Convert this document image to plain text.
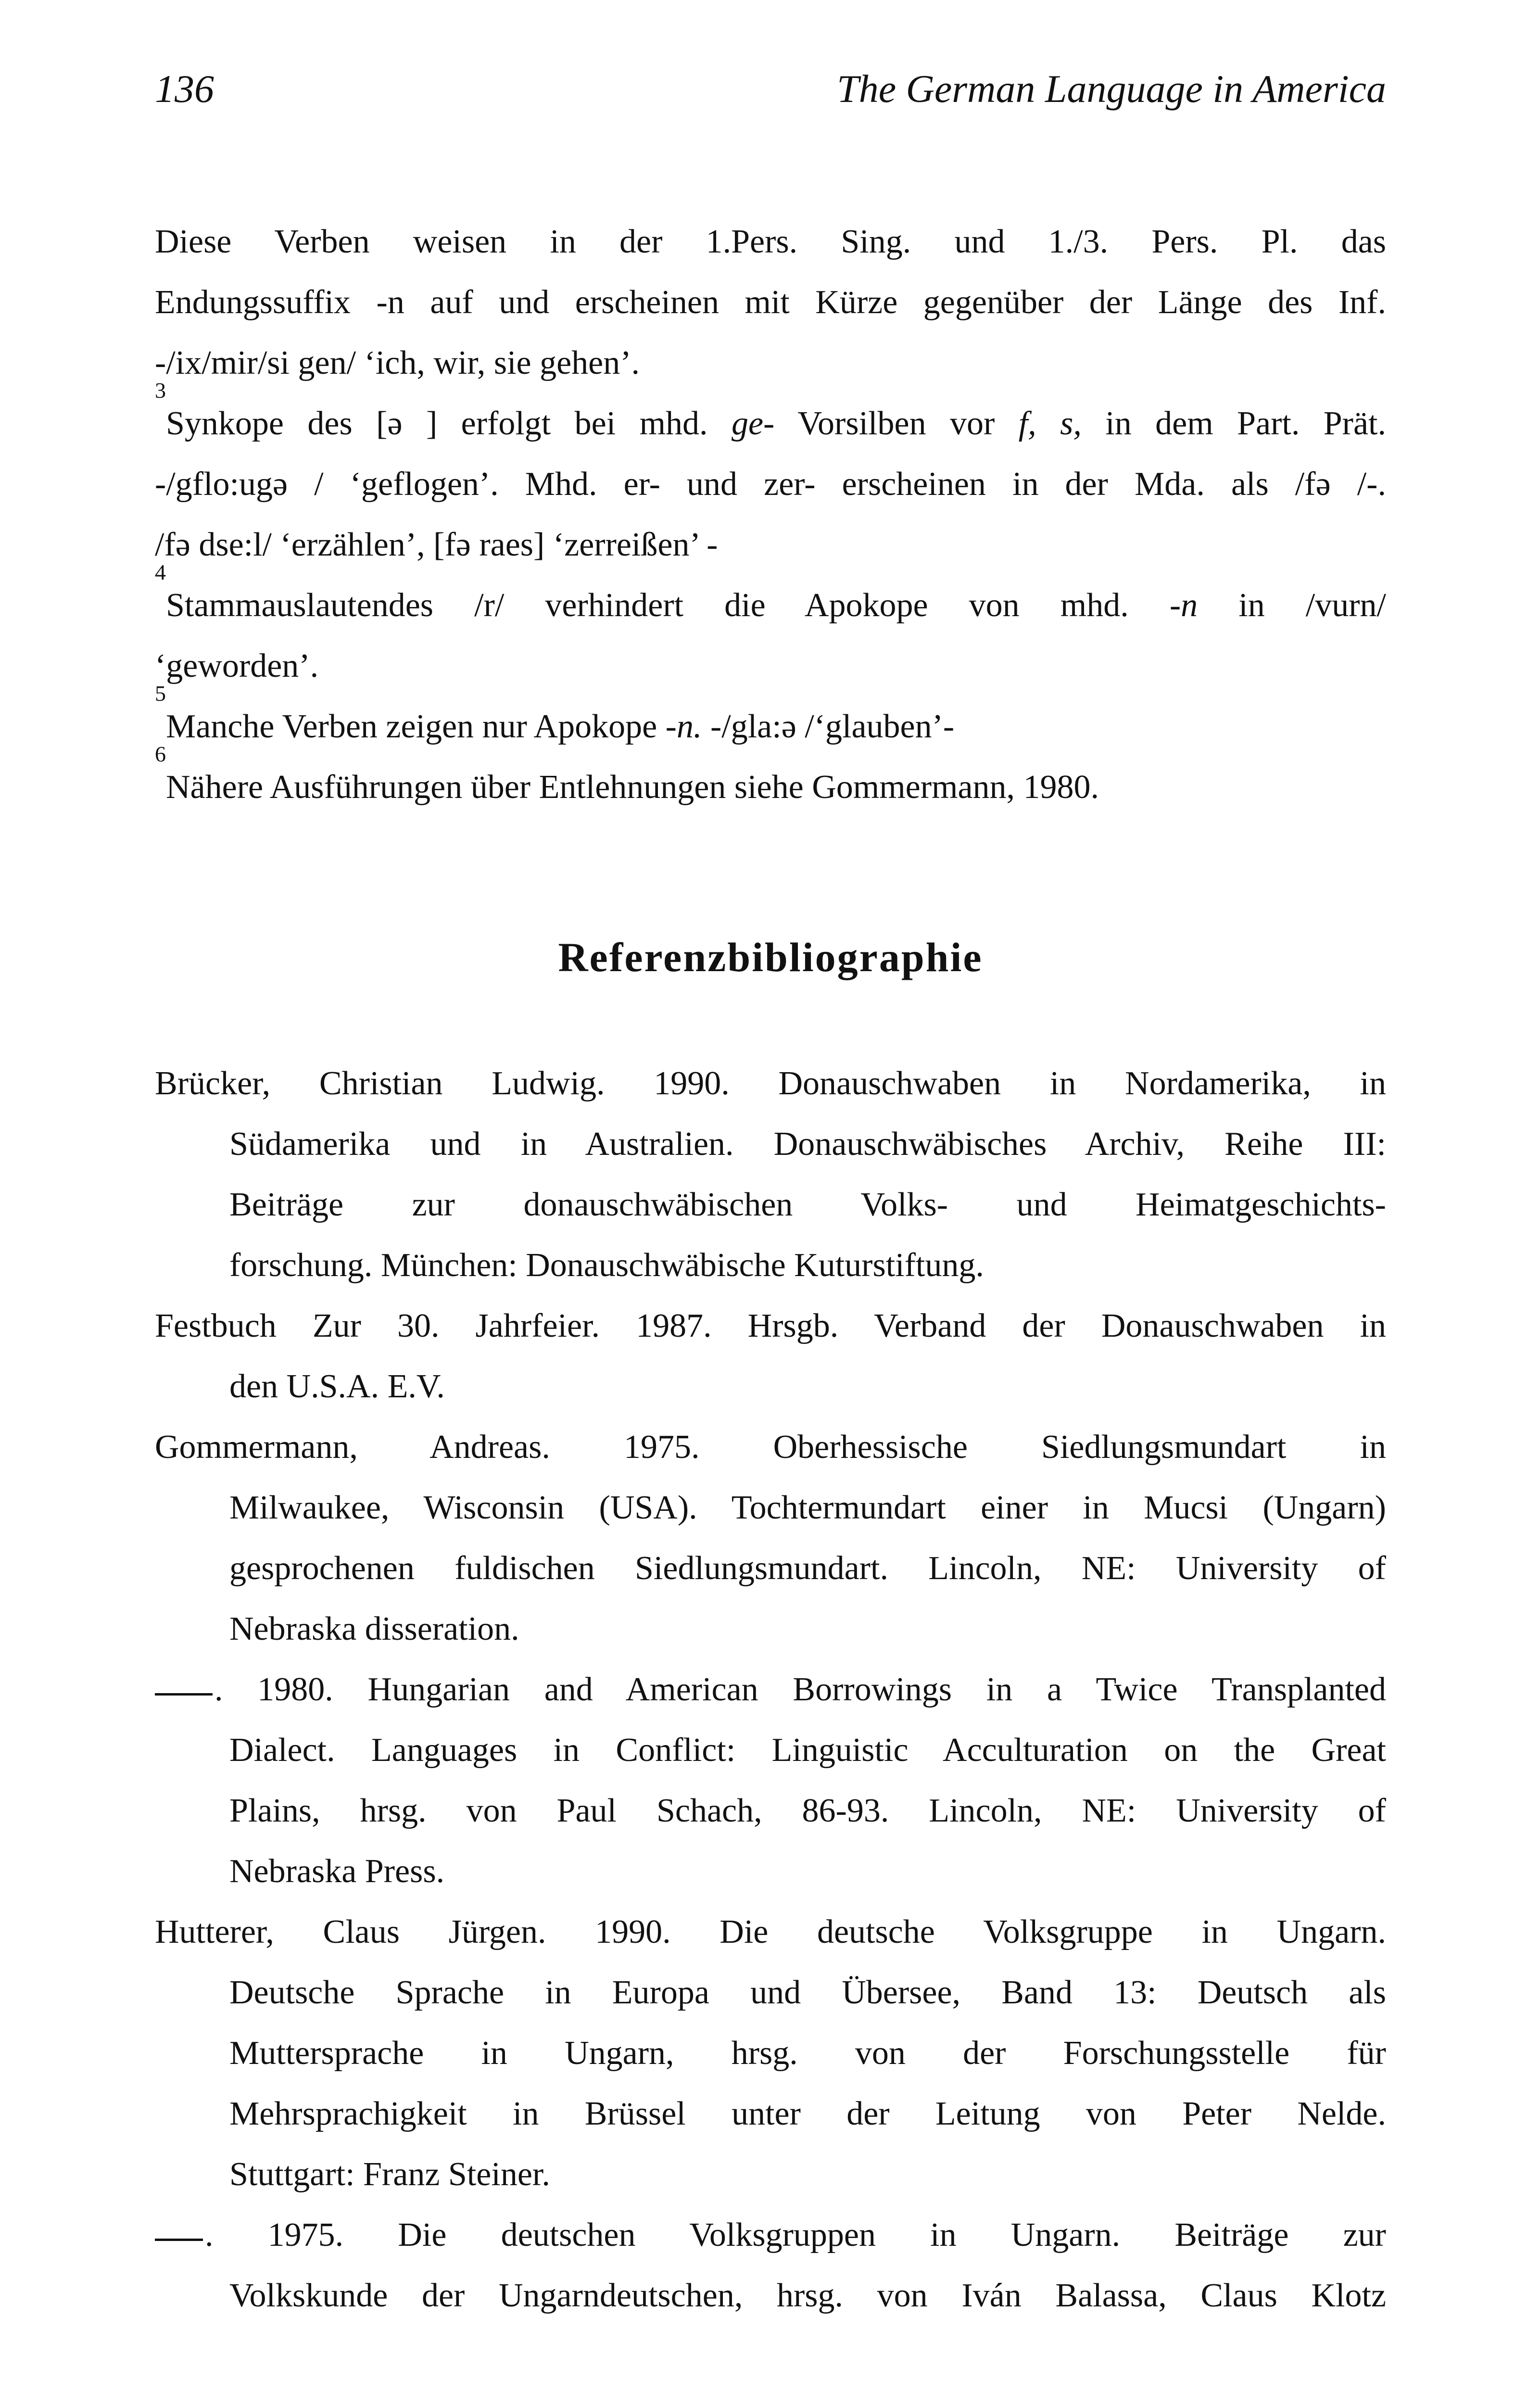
136	The German Language in America

Diese Verben weisen in der 1.Pers. Sing. und 1./3. Pers. Pl. das
Endungssuffix -n auf und erscheinen mit Kürze gegenüber der Länge des Inf.
-/ix/mir/si gen/ ‘ich, wir, sie gehen’.

$^3$Synkope des [ə ] erfolgt bei mhd. ge- Vorsilben vor f, s, in dem Part. Prät.
-/gflo:ugə / ‘geflogen’. Mhd. er- und zer- erscheinen in der Mda. als /fə /-.
/fə dse:l/ ‘erzählen’, [fə raes] ‘zerreißen’ -

$^4$Stammauslautendes /r/ verhindert die Apokope von mhd. -n in /vurn/
‘geworden’.

$^5$Manche Verben zeigen nur Apokope -n. -/gla:ə /‘glauben’-

$^6$Nähere Ausführungen über Entlehnungen siehe Gommermann, 1980.

Referenzbibliographie

Brücker, Christian Ludwig. 1990. Donauschwaben in Nordamerika, in
Südamerika und in Australien. Donauschwäbisches Archiv, Reihe III:
Beiträge zur donauschwäbischen Volks- und Heimatgeschichts-
forschung. München: Donauschwäbische Kuturstiftung.

Festbuch Zur 30. Jahrfeier. 1987. Hrsgb. Verband der Donauschwaben in
den U.S.A. E.V.

Gommermann, Andreas. 1975. Oberhessische Siedlungsmundart in
Milwaukee, Wisconsin (USA). Tochtermundart einer in Mucsi (Ungarn)
gesprochenen fuldischen Siedlungsmundart. Lincoln, NE: University of
Nebraska disseration.

. 1980. Hungarian and American Borrowings in a Twice Transplanted
Dialect. Languages in Conflict: Linguistic Acculturation on the Great
Plains, hrsg. von Paul Schach, 86-93. Lincoln, NE: University of
Nebraska Press.

Hutterer, Claus Jürgen. 1990. Die deutsche Volksgruppe in Ungarn.
Deutsche Sprache in Europa und Übersee, Band 13: Deutsch als
Muttersprache in Ungarn, hrsg. von der Forschungsstelle für
Mehrsprachigkeit in Brüssel unter der Leitung von Peter Nelde.
Stuttgart: Franz Steiner.

. 1975. Die deutschen Volksgruppen in Ungarn. Beiträge zur
Volkskunde der Ungarndeutschen, hrsg. von Iván Balassa, Claus Klotz
